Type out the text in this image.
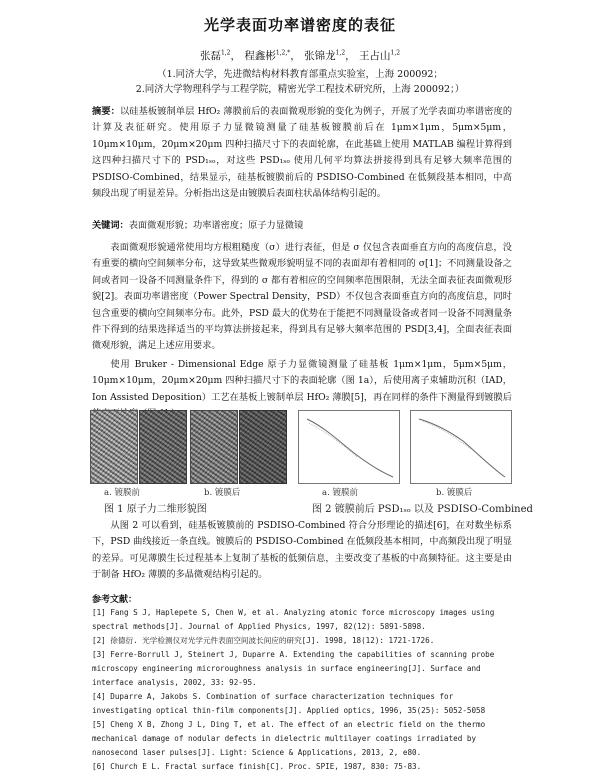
光学表面功率谱密度的表征
张磊$^{1,2}$， 程鑫彬$^{1,2,*}$， 张锦龙$^{1,2}$， 王占山$^{1,2}$
（1.同济大学，先进微结构材料教育部重点实验室，上海 200092；
2.同济大学物理科学与工程学院，精密光学工程技术研究所，上海 200092；）
摘要：以硅基板镀制单层 HfO₂ 薄膜前后的表面微观形貌的变化为例子，开展了光学表面功率谱密度的计算及表征研究。使用原子力显微镜测量了硅基板镀膜前后在 1μm×1μm，5μm×5μm，10μm×10μm，20μm×20μm 四种扫描尺寸下的表面轮廓，在此基础上使用 MATLAB 编程计算得到这四种扫描尺寸下的 PSD₁ₛₒ，对这些 PSD₁ₛₒ 使用几何平均算法拼接得到具有足够大频率范围的 PSDISO-Combined，结果显示，硅基板镀膜前后的 PSDISO-Combined 在低频段基本相同，中高频段出现了明显差异。分析指出这是由镀膜后表面柱状晶体结构引起的。
关键词：表面微观形貌；功率谱密度；原子力显微镜
表面微观形貌通常使用均方根粗糙度（σ）进行表征，但是 σ 仅包含表面垂直方向的高度信息，没有重要的横向空间频率分布，这导致某些微观形貌明显不同的表面却有着相同的 σ[1]；不同测量设备之间或者同一设备不同测量条件下，得到的 σ 都有着相应的空间频率范围限制，无法全面表征表面微观形貌[2]。表面功率谱密度（Power Spectral Density，PSD）不仅包含表面垂直方向的高度信息，同时包含重要的横向空间频率分布。此外，PSD 最大的优势在于能把不同测量设备或者同一设备不同测量条件下得到的结果选择适当的平均算法拼接起来，得到具有足够大频率范围的 PSD[3,4]，全面表征表面微观形貌，满足上述应用要求。
使用 Bruker - Dimensional Edge 原子力显微镜测量了硅基板 1μm×1μm，5μm×5μm，10μm×10μm，20μm×20μm 四种扫描尺寸下的表面轮廓（图 1a），后使用离子束辅助沉积（IAD，Ion Assisted Deposition）工艺在基板上镀制单层 HfO₂ 薄膜[5]，再在同样的条件下测量得到镀膜后
a. 镀膜前	b. 镀膜后	a. 镀膜前	b. 镀膜后
图 1 原子力二维形貌图	图 2 镀膜前后 PSD₁ₛₒ 以及 PSDISO-Combined
从图 2 可以看到，硅基板镀膜前的 PSDISO-Combined 符合分形理论的描述[6]，在对数坐标系下，PSD 曲线接近一条直线。镀膜后的 PSDISO-Combined 在低频段基本相同，中高频段出现了明显的差异。可见薄膜生长过程基本上复制了基板的低频信息，主要改变了基板的中高频特征。这主要是由于制备 HfO₂ 薄膜的多晶微观结构引起的。
参考文献：

[1] Fang S J, Haplepete S, Chen W, et al. Analyzing atomic force microscopy images using spectral methods[J]. Journal of Applied Physics, 1997, 82(12): 5891-5898.

[2] 徐德衍. 光学检测仪对光学元件表面空间波长间应的研究[J]. 1998, 18(12): 1721-1726.

[3] Ferre-Borrull J, Steinert J, Duparre A. Extending the capabilities of scanning probe microscopy engineering microroughness analysis in surface engineering[J]. Surface and interface analysis, 2002, 33: 92-95.

[4] Duparre A, Jakobs S. Combination of surface characterization techniques for investigating optical thin-film components[J]. Applied optics, 1996, 35(25): 5052-5058

[5] Cheng X B, Zhong J L, Ding T, et al. The effect of an electric field on the thermo mechanical damage of nodular defects in dielectric multilayer coatings irradiated by nanosecond laser pulses[J]. Light: Science & Applications, 2013, 2, e80.

[6] Church E L. Fractal surface finish[C]. Proc. SPIE, 1987, 830: 75-83.
